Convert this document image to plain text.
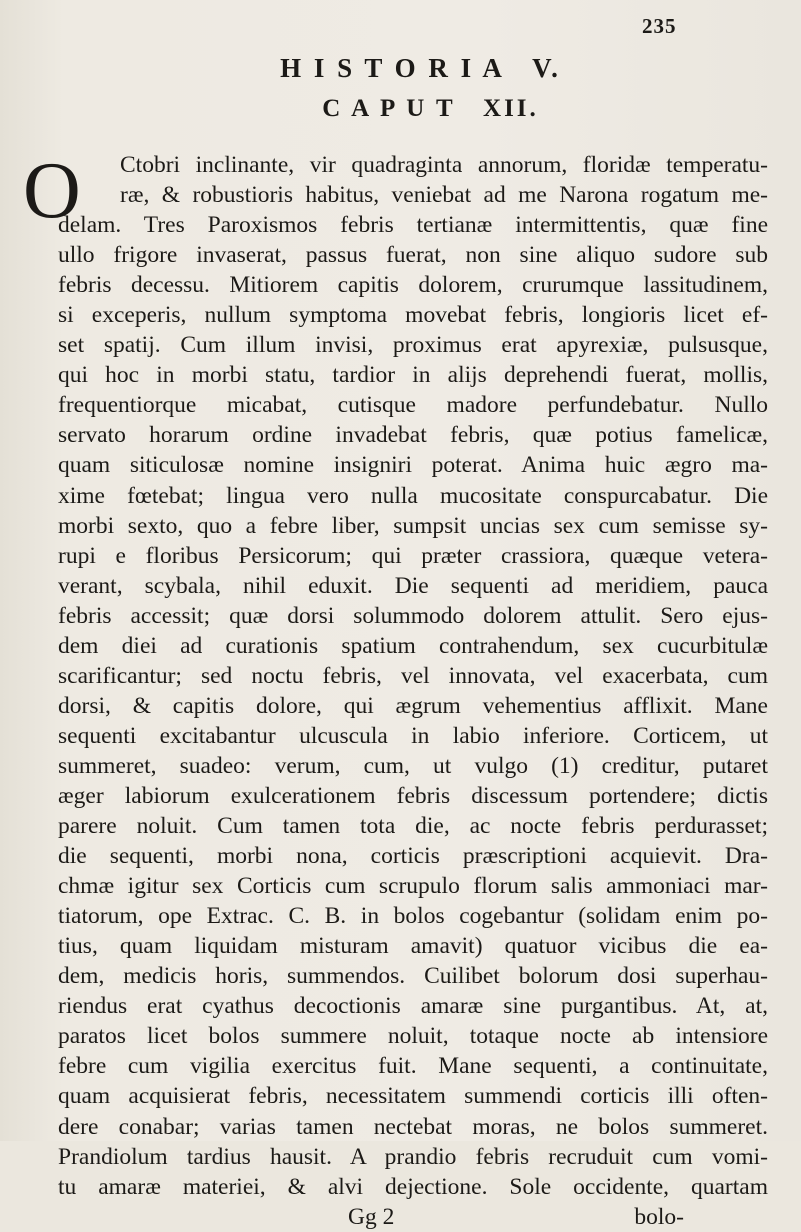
235
H I S T O R I A   V.
C A P U T   XII.
O	Ctobri inclinante, vir quadraginta annorum, floridæ temperatu-
ræ, & robustioris habitus, veniebat ad me Narona rogatum me-
delam. Tres Paroxismos febris tertianæ intermittentis, quæ fine
ullo frigore invaserat, passus fuerat, non sine aliquo sudore sub
febris decessu. Mitiorem capitis dolorem, crurumque lassitudinem,
si exceperis, nullum symptoma movebat febris, longioris licet ef-
set spatij. Cum illum invisi, proximus erat apyrexiæ, pulsusque,
qui hoc in morbi statu, tardior in alijs deprehendi fuerat, mollis,
frequentiorque micabat, cutisque madore perfundebatur. Nullo
servato horarum ordine invadebat febris, quæ potius famelicæ,
quam siticulosæ nomine insigniri poterat. Anima huic ægro ma-
xime fœtebat; lingua vero nulla mucositate conspurcabatur. Die
morbi sexto, quo a febre liber, sumpsit uncias sex cum semisse sy-
rupi e floribus Persicorum; qui præter crassiora, quæque vetera-
verant, scybala, nihil eduxit. Die sequenti ad meridiem, pauca
febris accessit; quæ dorsi solummodo dolorem attulit. Sero ejus-
dem diei ad curationis spatium contrahendum, sex cucurbitulæ
scarificantur; sed noctu febris, vel innovata, vel exacerbata, cum
dorsi, & capitis dolore, qui ægrum vehementius afflixit. Mane
sequenti excitabantur ulcuscula in labio inferiore. Corticem, ut
summeret, suadeo: verum, cum, ut vulgo (1) creditur, putaret
æger labiorum exulcerationem febris discessum portendere; dictis
parere noluit. Cum tamen tota die, ac nocte febris perdurasset;
die sequenti, morbi nona, corticis præscriptioni acquievit. Dra-
chmæ igitur sex Corticis cum scrupulo florum salis ammoniaci mar-
tiatorum, ope Extrac. C. B. in bolos cogebantur (solidam enim po-
tius, quam liquidam misturam amavit) quatuor vicibus die ea-
dem, medicis horis, summendos. Cuilibet bolorum dosi superhau-
riendus erat cyathus decoctionis amaræ sine purgantibus. At, at,
paratos licet bolos summere noluit, totaque nocte ab intensiore
febre cum vigilia exercitus fuit. Mane sequenti, a continuitate,
quam acquisierat febris, necessitatem summendi corticis illi often-
dere conabar; varias tamen nectebat moras, ne bolos summeret.
Prandiolum tardius hausit. A prandio febris recruduit cum vomi-
tu amaræ materiei, & alvi dejectione. Sole occidente, quartam
Gg 2	bolo-
